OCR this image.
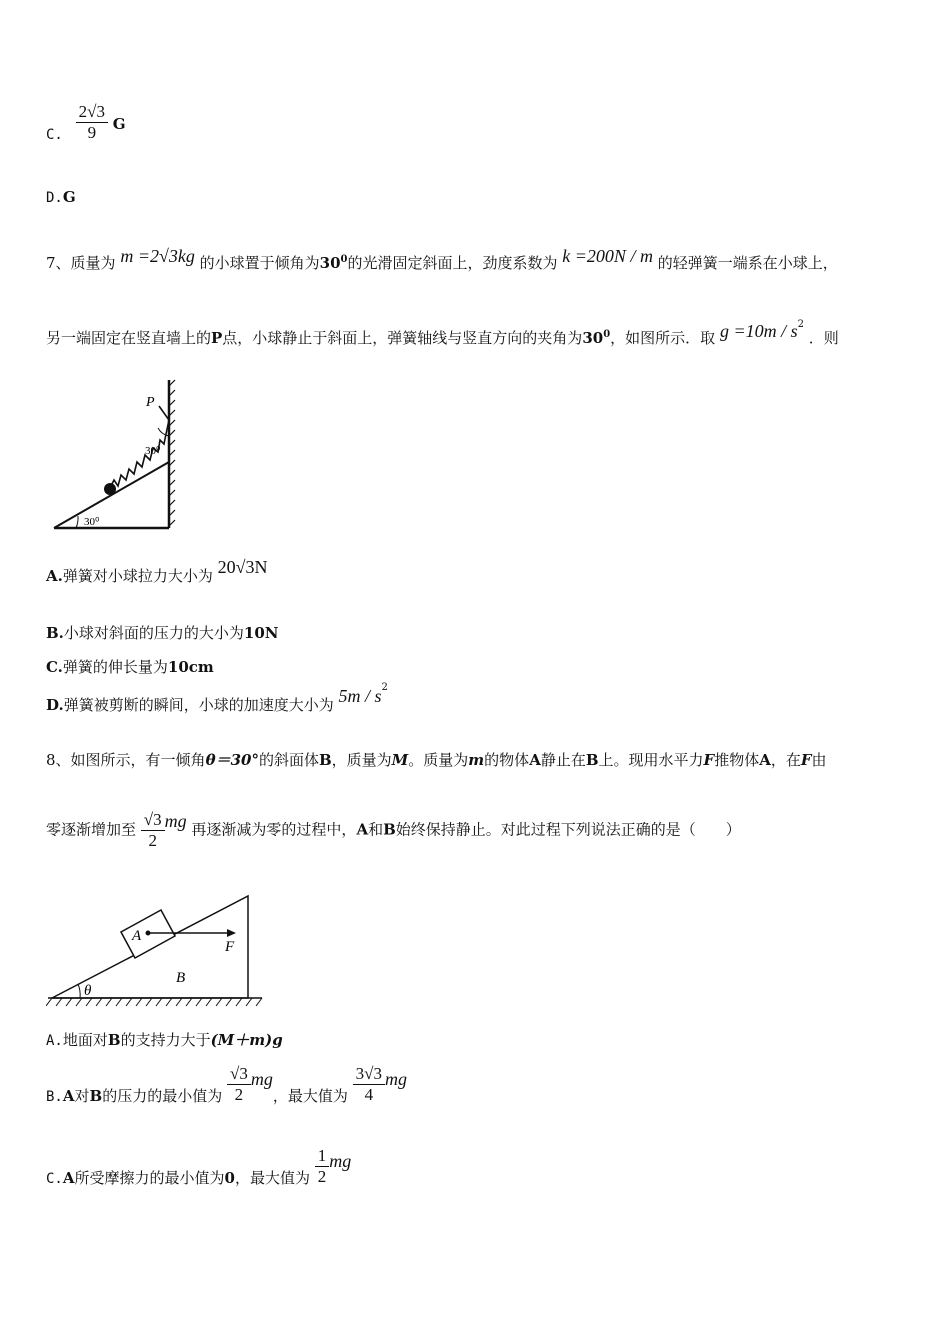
C. $\frac{2√3}{9}$ G
D.G
7、质量为 m =2√3kg 的小球置于倾角为$30^0$的光滑固定斜面上，劲度系数为 k =200N / m 的轻弹簧一端系在小球上，
另一端固定在竖直墙上的P点，小球静止于斜面上，弹簧轴线与竖直方向的夹角为$30^0$，如图所示．取 $g =10m / s^2$ ．则
P
30⁰
30⁰
A.弹簧对小球拉力大小为 20√3N
B.小球对斜面的压力的大小为10N
C.弹簧的伸长量为10cm
D.弹簧被剪断的瞬间，小球的加速度大小为 $5m / s^2$
8、如图所示，有一倾角θ＝30°的斜面体B，质量为M。质量为m的物体A静止在B上。现用水平力F推物体A，在F由
零逐渐增加至 $\frac{√3}{2}$ mg 再逐渐减为零的过程中，A和B始终保持静止。对此过程下列说法正确的是（　　）
A
F
B
θ
A.地面对B的支持力大于(M＋m)g
B.A对B的压力的最小值为 $\frac{√3}{2}$ mg，最大值为 $\frac{3√3}{4}$ mg
C.A所受摩擦力的最小值为0，最大值为 $\frac{1}{2}$ mg
